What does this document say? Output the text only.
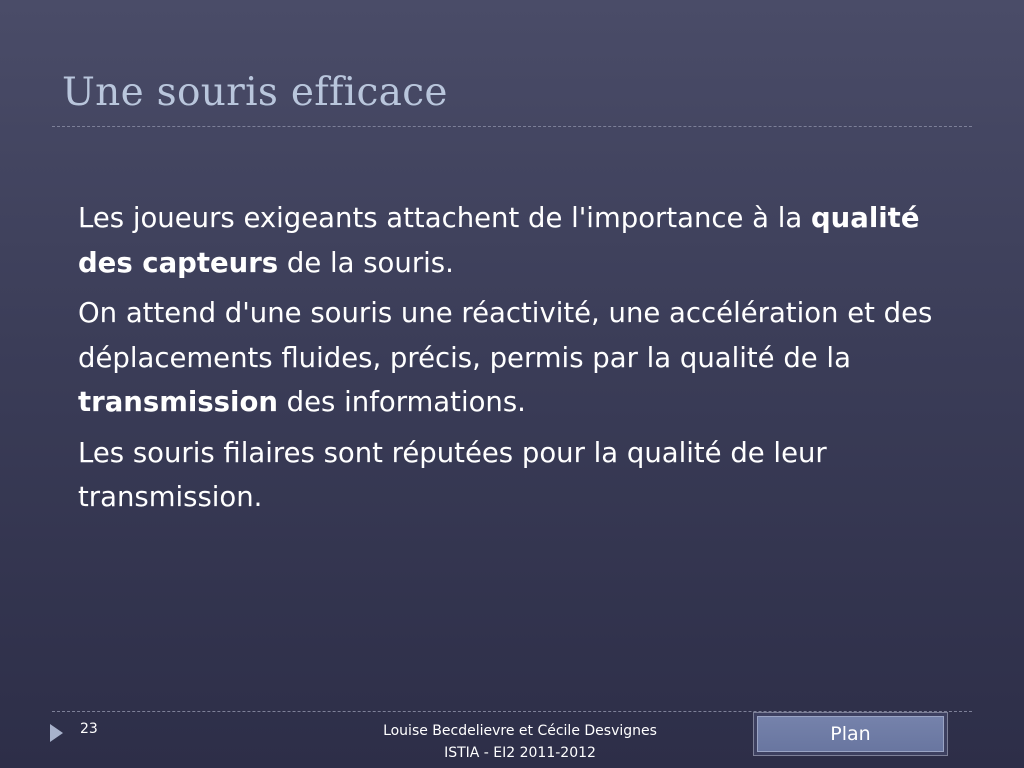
Une souris efficace

Les joueurs exigeants attachent de l'importance à la qualité des capteurs de la souris.

On attend d'une souris une réactivité, une accélération et des déplacements fluides, précis, permis par la qualité de la transmission des informations.

Les souris filaires sont réputées pour la qualité de leur transmission.

23	Louise Becdelievre et Cécile Desvignes
ISTIA - EI2 2011-2012
Plan
